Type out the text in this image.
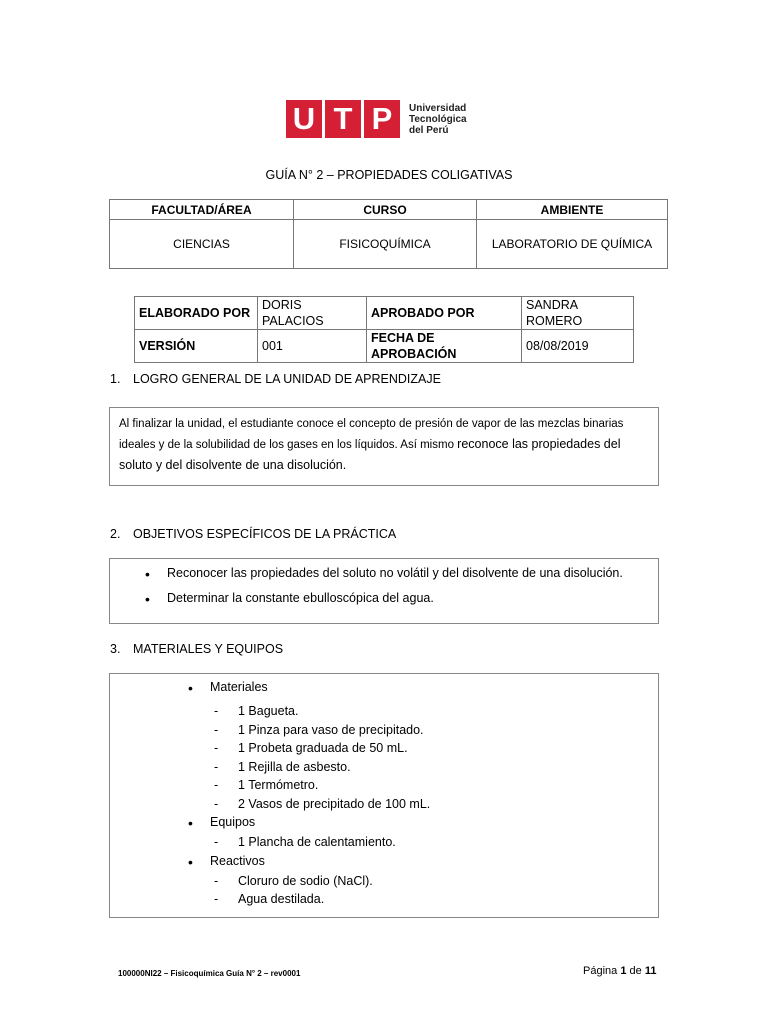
U T P	Universidad
Tecnológica
del Perú
GUÍA N° 2 – PROPIEDADES COLIGATIVAS
FACULTAD/ÁREA	CURSO	AMBIENTE
CIENCIAS	FISICOQUÍMICA	LABORATORIO DE QUÍMICA
ELABORADO POR	DORIS PALACIOS	APROBADO POR	SANDRA ROMERO
VERSIÓN	001	FECHA DE APROBACIÓN	08/08/2019
1. LOGRO GENERAL DE LA UNIDAD DE APRENDIZAJE

Al finalizar la unidad, el estudiante conoce el concepto de presión de vapor de las mezclas binarias ideales y de la solubilidad de los gases en los líquidos. Así mismo reconoce las propiedades del soluto y del disolvente de una disolución.

2. OBJETIVOS ESPECÍFICOS DE LA PRÁCTICA
• Reconocer las propiedades del soluto no volátil y del disolvente de una disolución.
• Determinar la constante ebulloscópica del agua.
3. MATERIALES Y EQUIPOS
• Materiales
- 1 Bagueta.
- 1 Pinza para vaso de precipitado.
- 1 Probeta graduada de 50 mL.
- 1 Rejilla de asbesto.
- 1 Termómetro.
- 2 Vasos de precipitado de 100 mL.
• Equipos
- 1 Plancha de calentamiento.
• Reactivos
- Cloruro de sodio (NaCl).
- Agua destilada.
100000NI22 – Fisicoquímica Guía N° 2 – rev0001	Página 1 de 11
